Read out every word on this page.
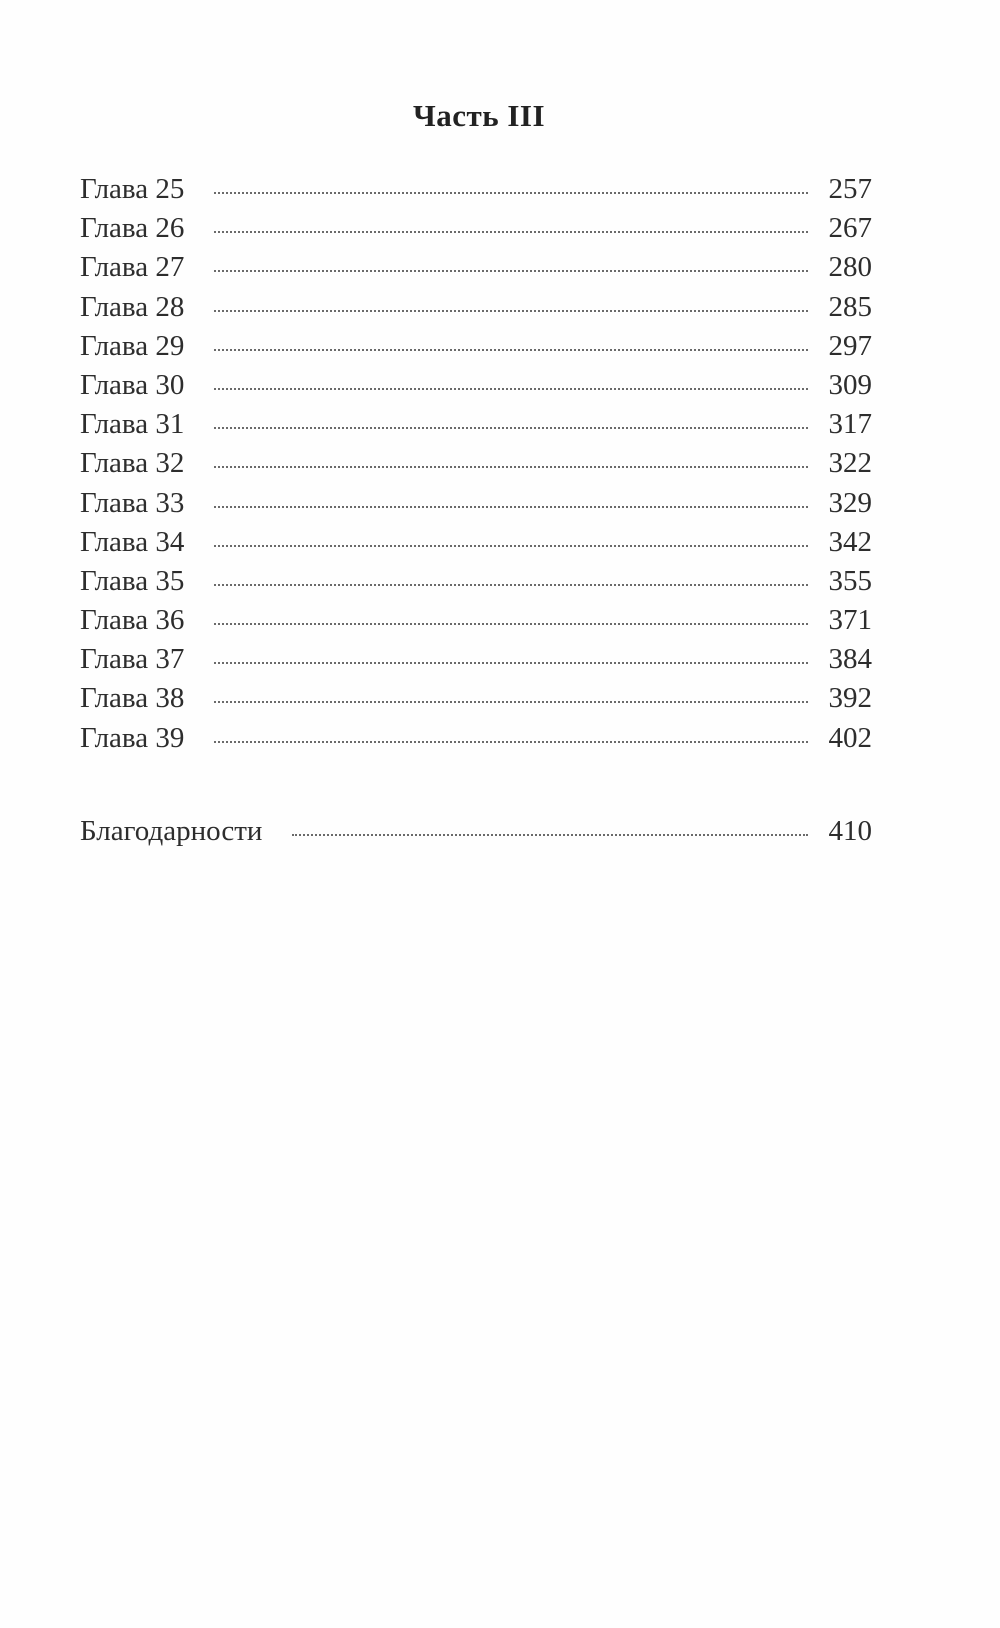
Часть III
Глава 25	257
Глава 26	267
Глава 27	280
Глава 28	285
Глава 29	297
Глава 30	309
Глава 31	317
Глава 32	322
Глава 33	329
Глава 34	342
Глава 35	355
Глава 36	371
Глава 37	384
Глава 38	392
Глава 39	402
Благодарности	410
